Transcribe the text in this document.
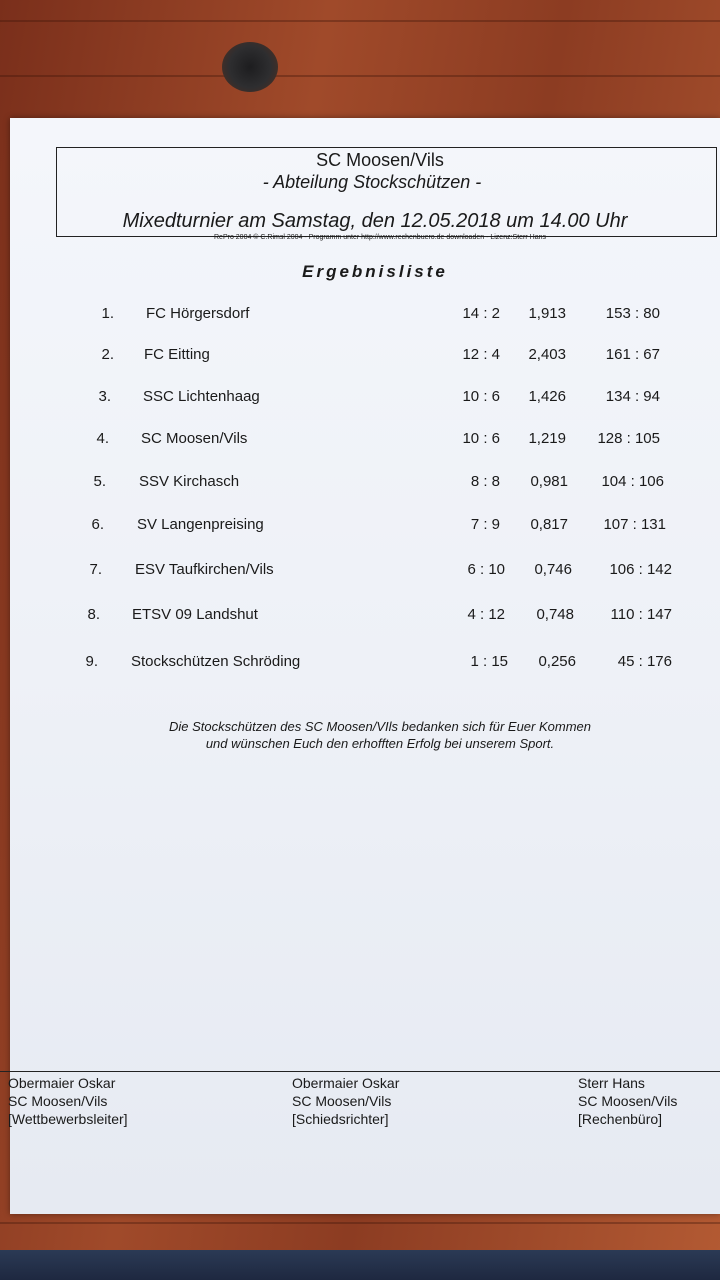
SC Moosen/Vils
- Abteilung Stockschützen -
Mixedturnier am Samstag, den 12.05.2018 um 14.00 Uhr
RePro 2004 © C.Rimsl 2004 - Programm unter http://www.rechenbuero.de downloaden - Lizenz:Sterr Hans
Ergebnisliste
1. FC Hörgersdorf	14 : 2	1,913	153 : 80
2. FC Eitting	12 : 4	2,403	161 : 67
3. SSC Lichtenhaag	10 : 6	1,426	134 : 94
4. SC Moosen/Vils	10 : 6	1,219	128 : 105
5. SSV Kirchasch	8 : 8	0,981	104 : 106
6. SV Langenpreising	7 : 9	0,817	107 : 131
7. ESV Taufkirchen/Vils	6 : 10	0,746	106 : 142
8. ETSV 09 Landshut	4 : 12	0,748	110 : 147
9. Stockschützen Schröding	1 : 15	0,256	45 : 176
Die Stockschützen des SC Moosen/VIls bedanken sich für Euer Kommen
und wünschen Euch den erhofften Erfolg bei unserem Sport.
Obermaier Oskar
SC Moosen/Vils
[Wettbewerbsleiter]
Obermaier Oskar
SC Moosen/Vils
[Schiedsrichter]
Sterr Hans
SC Moosen/Vils
[Rechenbüro]
